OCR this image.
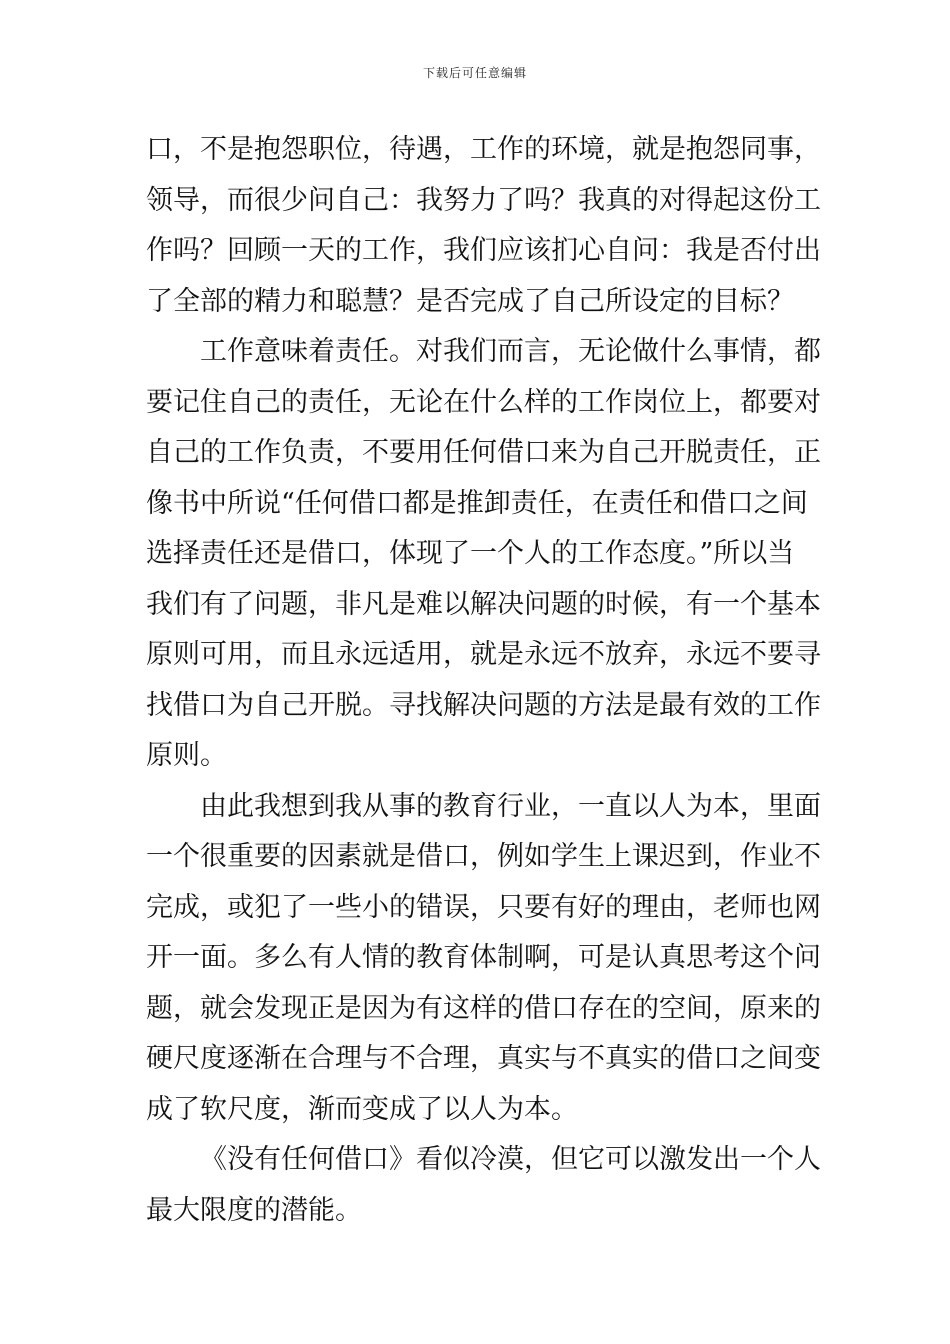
下载后可任意编辑
口，不是抱怨职位，待遇，工作的环境，就是抱怨同事，
领导，而很少问自己：我努力了吗？我真的对得起这份工
作吗？回顾一天的工作，我们应该扪心自问：我是否付出
了全部的精力和聪慧？是否完成了自己所设定的目标？
工作意味着责任。对我们而言，无论做什么事情，都
要记住自己的责任，无论在什么样的工作岗位上，都要对
自己的工作负责，不要用任何借口来为自己开脱责任，正
像书中所说“任何借口都是推卸责任，在责任和借口之间
选择责任还是借口，体现了一个人的工作态度。”所以当
我们有了问题，非凡是难以解决问题的时候，有一个基本
原则可用，而且永远适用，就是永远不放弃，永远不要寻
找借口为自己开脱。寻找解决问题的方法是最有效的工作
原则。
由此我想到我从事的教育行业，一直以人为本，里面
一个很重要的因素就是借口，例如学生上课迟到，作业不
完成，或犯了一些小的错误，只要有好的理由，老师也网
开一面。多么有人情的教育体制啊，可是认真思考这个问
题，就会发现正是因为有这样的借口存在的空间，原来的
硬尺度逐渐在合理与不合理，真实与不真实的借口之间变
成了软尺度，渐而变成了以人为本。
《没有任何借口》看似冷漠，但它可以激发出一个人
最大限度的潜能。
